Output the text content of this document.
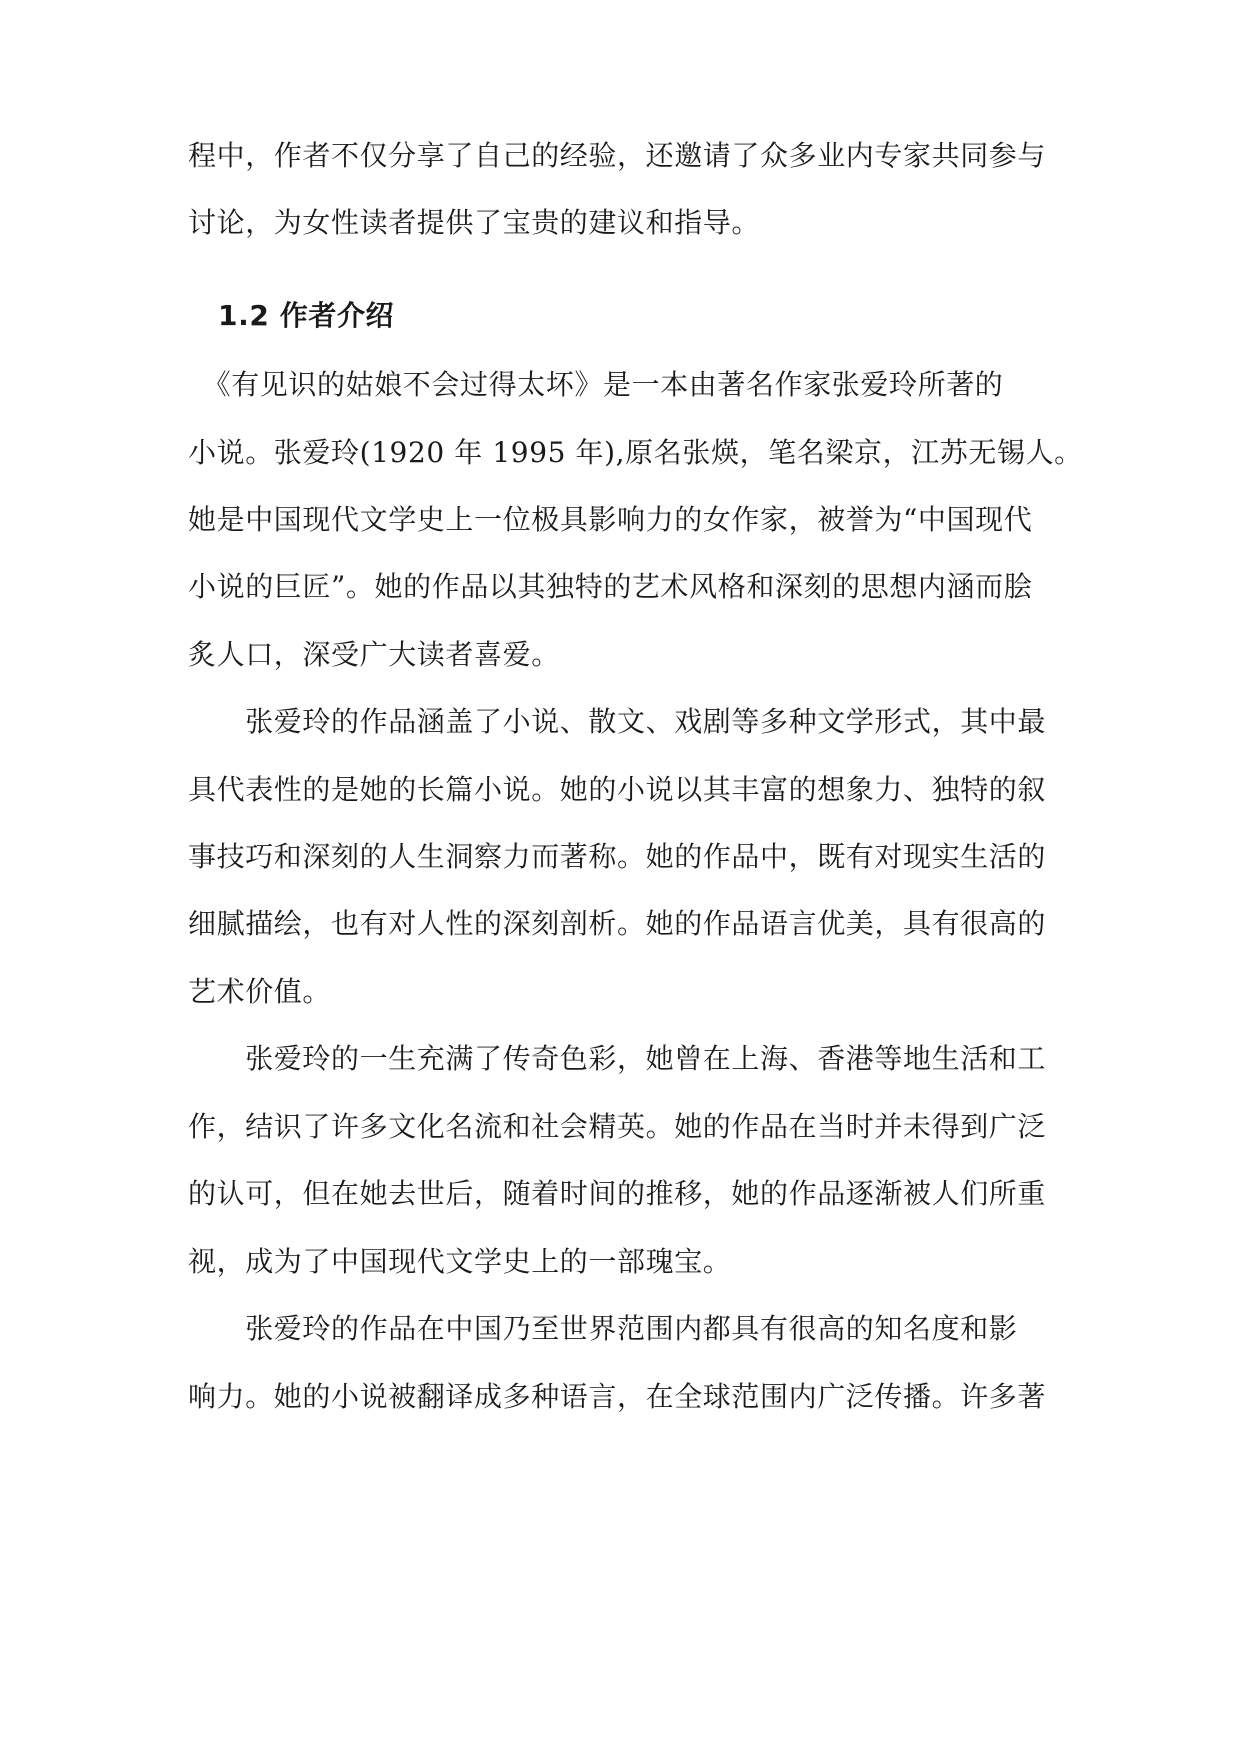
程中，作者不仅分享了自己的经验，还邀请了众多业内专家共同参与
讨论，为女性读者提供了宝贵的建议和指导。
1.2 作者介绍
　《有见识的姑娘不会过得太坏》是一本由著名作家张爱玲所著的
小说。张爱玲(1920 年 1995 年),原名张煐，笔名梁京，江苏无锡人。
她是中国现代文学史上一位极具影响力的女作家，被誉为“中国现代
小说的巨匠”。她的作品以其独特的艺术风格和深刻的思想内涵而脍
炙人口，深受广大读者喜爱。
　　张爱玲的作品涵盖了小说、散文、戏剧等多种文学形式，其中最
具代表性的是她的长篇小说。她的小说以其丰富的想象力、独特的叙
事技巧和深刻的人生洞察力而著称。她的作品中，既有对现实生活的
细腻描绘，也有对人性的深刻剖析。她的作品语言优美，具有很高的
艺术价值。
　　张爱玲的一生充满了传奇色彩，她曾在上海、香港等地生活和工
作，结识了许多文化名流和社会精英。她的作品在当时并未得到广泛
的认可，但在她去世后，随着时间的推移，她的作品逐渐被人们所重
视，成为了中国现代文学史上的一部瑰宝。
　　张爱玲的作品在中国乃至世界范围内都具有很高的知名度和影
响力。她的小说被翻译成多种语言，在全球范围内广泛传播。许多著
